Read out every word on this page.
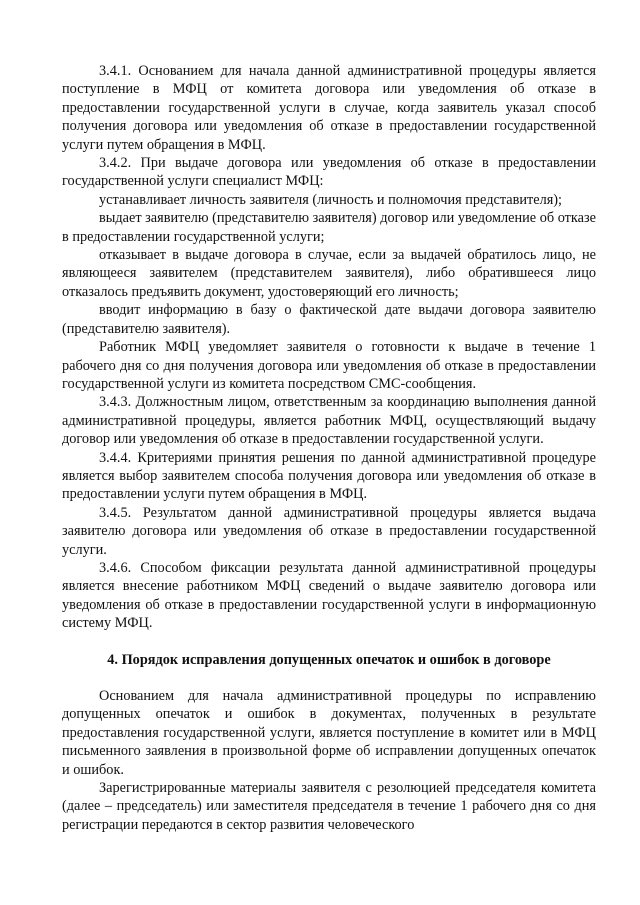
3.4.1. Основанием для начала данной административной процедуры является поступление в МФЦ от комитета договора или уведомления об отказе в предоставлении государственной услуги в случае, когда заявитель указал способ получения договора или уведомления об отказе в предоставлении государственной услуги путем обращения в МФЦ.

3.4.2. При выдаче договора или уведомления об отказе в предоставлении государственной услуги специалист МФЦ:

устанавливает личность заявителя (личность и полномочия представителя);

выдает заявителю (представителю заявителя) договор или уведомление об отказе в предоставлении государственной услуги;

отказывает в выдаче договора в случае, если за выдачей обратилось лицо, не являющееся заявителем (представителем заявителя), либо обратившееся лицо отказалось предъявить документ, удостоверяющий его личность;

вводит информацию в базу о фактической дате выдачи договора заявителю (представителю заявителя).

Работник МФЦ уведомляет заявителя о готовности к выдаче в течение 1 рабочего дня со дня получения договора или уведомления об отказе в предоставлении государственной услуги из комитета посредством СМС-сообщения.

3.4.3. Должностным лицом, ответственным за координацию выполнения данной административной процедуры, является работник МФЦ, осуществляющий выдачу договор или уведомления об отказе в предоставлении государственной услуги.

3.4.4. Критериями принятия решения по данной административной процедуре является выбор заявителем способа получения договора или уведомления об отказе в предоставлении услуги путем обращения в МФЦ.

3.4.5. Результатом данной административной процедуры является выдача заявителю договора или уведомления об отказе в предоставлении государственной услуги.

3.4.6. Способом фиксации результата данной административной процедуры является внесение работником МФЦ сведений о выдаче заявителю договора или уведомления об отказе в предоставлении государственной услуги в информационную систему МФЦ.

4. Порядок исправления допущенных опечаток и ошибок в договоре

Основанием для начала административной процедуры по исправлению допущенных опечаток и ошибок в документах, полученных в результате предоставления государственной услуги, является поступление в комитет или в МФЦ письменного заявления в произвольной форме об исправлении допущенных опечаток и ошибок.

Зарегистрированные материалы заявителя с резолюцией председателя комитета (далее – председатель) или заместителя председателя в течение 1 рабочего дня со дня регистрации передаются в сектор развития человеческого
